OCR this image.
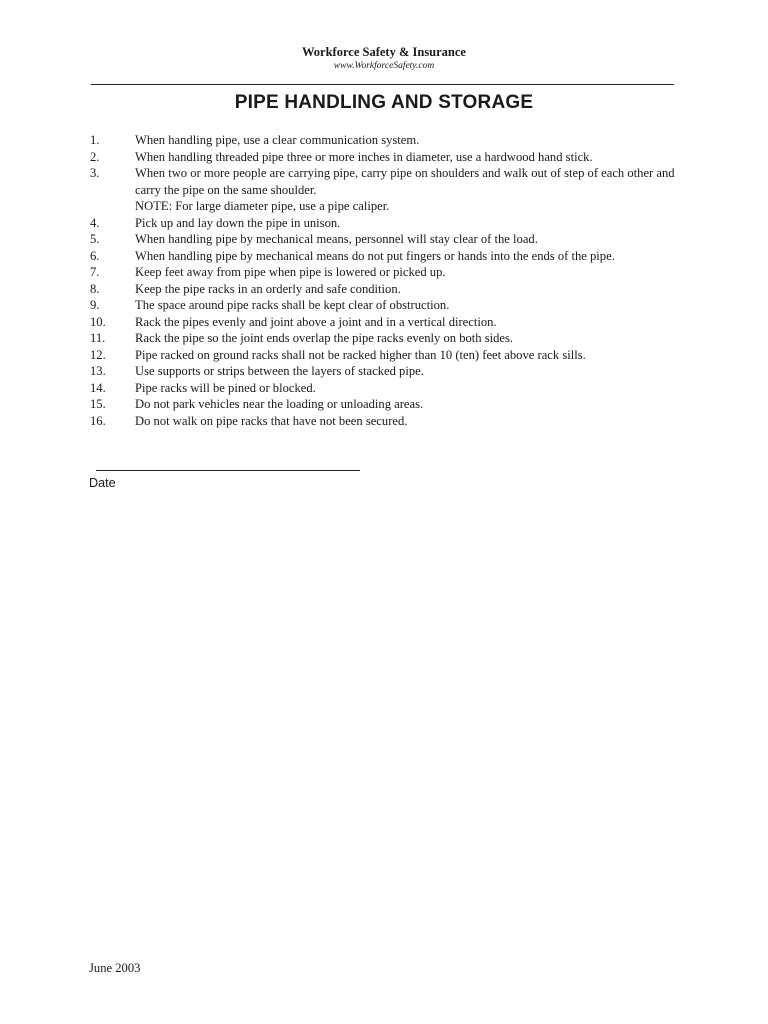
Workforce Safety & Insurance
www.WorkforceSafety.com
PIPE HANDLING AND STORAGE
1.	When handling pipe, use a clear communication system.
2.	When handling threaded pipe three or more inches in diameter, use a hardwood hand stick.
3.	When two or more people are carrying pipe, carry pipe on shoulders and walk out of step of each other and carry the pipe on the same shoulder.
NOTE: For large diameter pipe, use a pipe caliper.
4.	Pick up and lay down the pipe in unison.
5.	When handling pipe by mechanical means, personnel will stay clear of the load.
6.	When handling pipe by mechanical means do not put fingers or hands into the ends of the pipe.
7.	Keep feet away from pipe when pipe is lowered or picked up.
8.	Keep the pipe racks in an orderly and safe condition.
9.	The space around pipe racks shall be kept clear of obstruction.
10.	Rack the pipes evenly and joint above a joint and in a vertical direction.
11.	Rack the pipe so the joint ends overlap the pipe racks evenly on both sides.
12.	Pipe racked on ground racks shall not be racked higher than 10 (ten) feet above rack sills.
13.	Use supports or strips between the layers of stacked pipe.
14.	Pipe racks will be pined or blocked.
15.	Do not park vehicles near the loading or unloading areas.
16.	Do not walk on pipe racks that have not been secured.
Date
June 2003
